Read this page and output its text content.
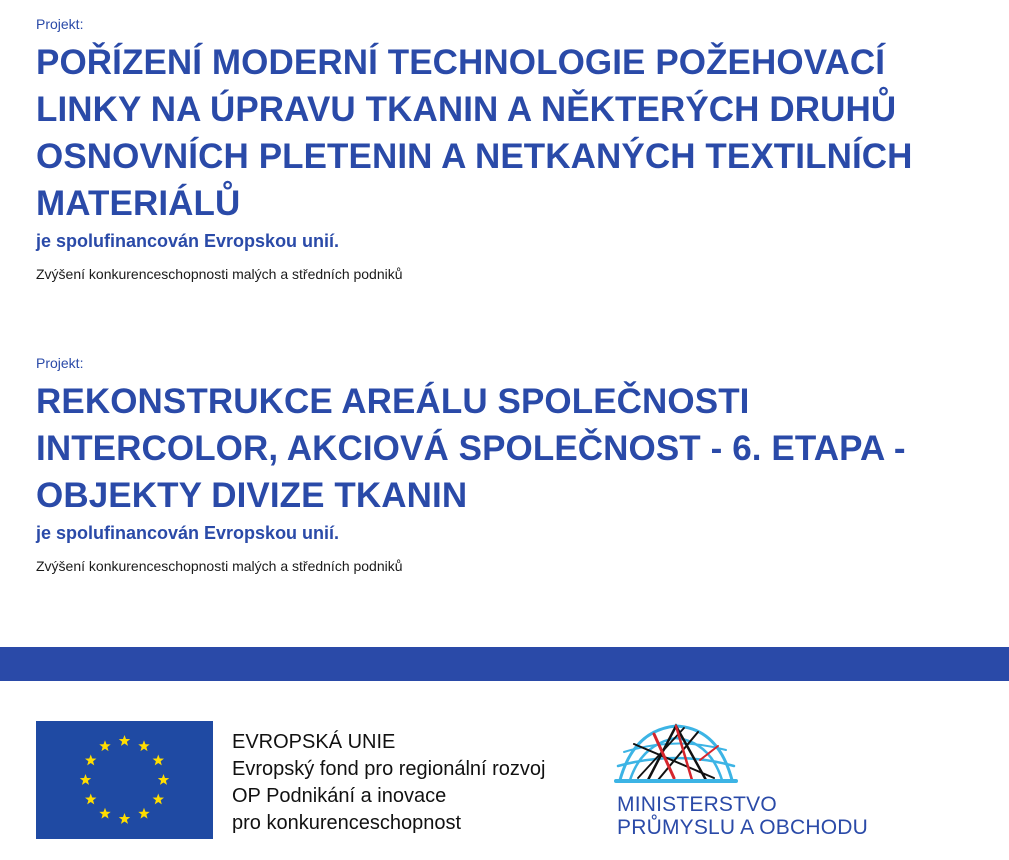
Projekt:
POŘÍZENÍ MODERNÍ TECHNOLOGIE POŽEHOVACÍ LINKY NA ÚPRAVU TKANIN A NĚKTERÝCH DRUHŮ OSNOVNÍCH PLETENIN A NETKANÝCH TEXTILNÍCH MATERIÁLŮ
je spolufinancován Evropskou unií.
Zvýšení konkurenceschopnosti malých a středních podniků
Projekt:
REKONSTRUKCE AREÁLU SPOLEČNOSTI INTERCOLOR, AKCIOVÁ SPOLEČNOST - 6. ETAPA - OBJEKTY DIVIZE TKANIN
je spolufinancován Evropskou unií.
Zvýšení konkurenceschopnosti malých a středních podniků
EVROPSKÁ UNIE
Evropský fond pro regionální rozvoj
OP Podnikání a inovace
pro konkurenceschopnost
MINISTERSTVO
PRŮMYSLU A OBCHODU
